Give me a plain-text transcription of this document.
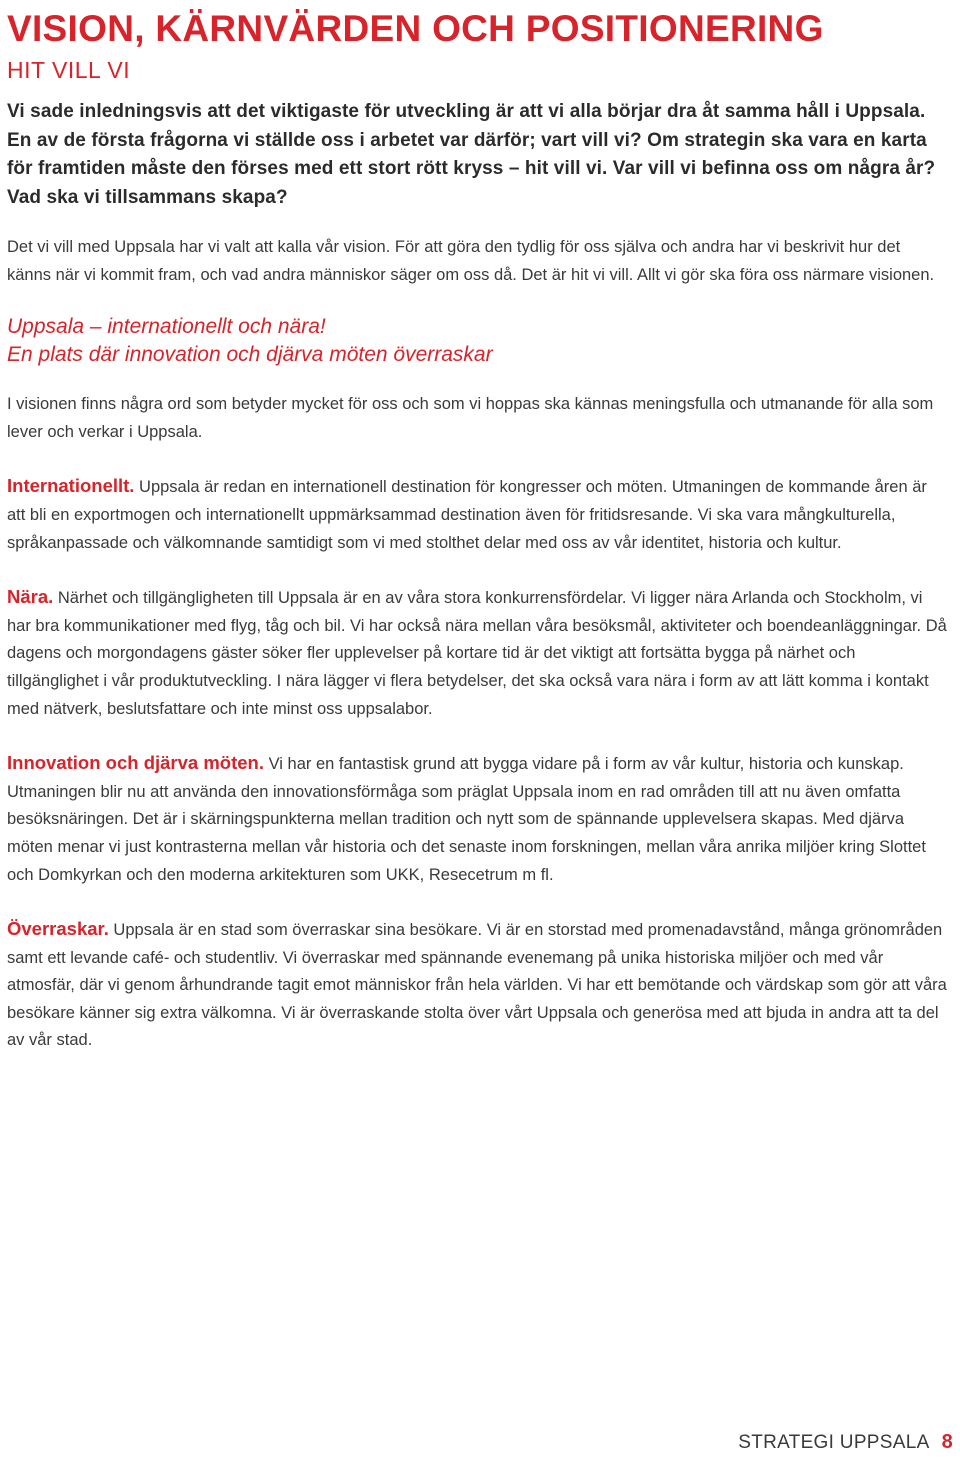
VISION, KÄRNVÄRDEN OCH POSITIONERING
HIT VILL VI

Vi sade inledningsvis att det viktigaste för utveckling är att vi alla börjar dra åt samma håll i Uppsala. En av de första frågorna vi ställde oss i arbetet var därför; vart vill vi? Om strategin ska vara en karta för framtiden måste den förses med ett stort rött kryss – hit vill vi. Var vill vi befinna oss om några år? Vad ska vi tillsammans skapa?

Det vi vill med Uppsala har vi valt att kalla vår vision. För att göra den tydlig för oss själva och andra har vi beskrivit hur det känns när vi kommit fram, och vad andra människor säger om oss då. Det är hit vi vill. Allt vi gör ska föra oss närmare visionen.

Uppsala – internationellt och nära!

En plats där innovation och djärva möten överraskar

I visionen finns några ord som betyder mycket för oss och som vi hoppas ska kännas meningsfulla och utmanande för alla som lever och verkar i Uppsala.

Internationellt. Uppsala är redan en internationell destination för kongresser och möten. Utmaningen de kommande åren är att bli en exportmogen och internationellt uppmärksammad destination även för fritidsresande. Vi ska vara mångkulturella, språkanpassade och välkomnande samtidigt som vi med stolthet delar med oss av vår identitet, historia och kultur.

Nära. Närhet och tillgängligheten till Uppsala är en av våra stora konkurrensfördelar. Vi ligger nära Arlanda och Stockholm, vi har bra kommunikationer med flyg, tåg och bil. Vi har också nära mellan våra besöksmål, aktiviteter och boendeanläggningar. Då dagens och morgondagens gäster söker fler upplevelser på kortare tid är det viktigt att fortsätta bygga på närhet och tillgänglighet i vår produktutveckling. I nära lägger vi flera betydelser, det ska också vara nära i form av att lätt komma i kontakt med nätverk, beslutsfattare och inte minst oss uppsalabor.

Innovation och djärva möten. Vi har en fantastisk grund att bygga vidare på i form av vår kultur, historia och kunskap. Utmaningen blir nu att använda den innovationsförmåga som präglat Uppsala inom en rad områden till att nu även omfatta besöksnäringen. Det är i skärningspunkterna mellan tradition och nytt som de spännande upplevelsera skapas. Med djärva möten menar vi just kontrasterna mellan vår historia och det senaste inom forskningen, mellan våra anrika miljöer kring Slottet och Domkyrkan och den moderna arkitekturen som UKK, Resecetrum m fl.

Överraskar. Uppsala är en stad som överraskar sina besökare. Vi är en storstad med promenadavstånd, många grönområden samt ett levande café- och studentliv. Vi överraskar med spännande evenemang på unika historiska miljöer och med vår atmosfär, där vi genom århundrande tagit emot människor från hela världen. Vi har ett bemötande och värdskap som gör att våra besökare känner sig extra välkomna. Vi är överraskande stolta över vårt Uppsala och generösa med att bjuda in andra att ta del av vår stad.

STRATEGI UPPSALA 8
